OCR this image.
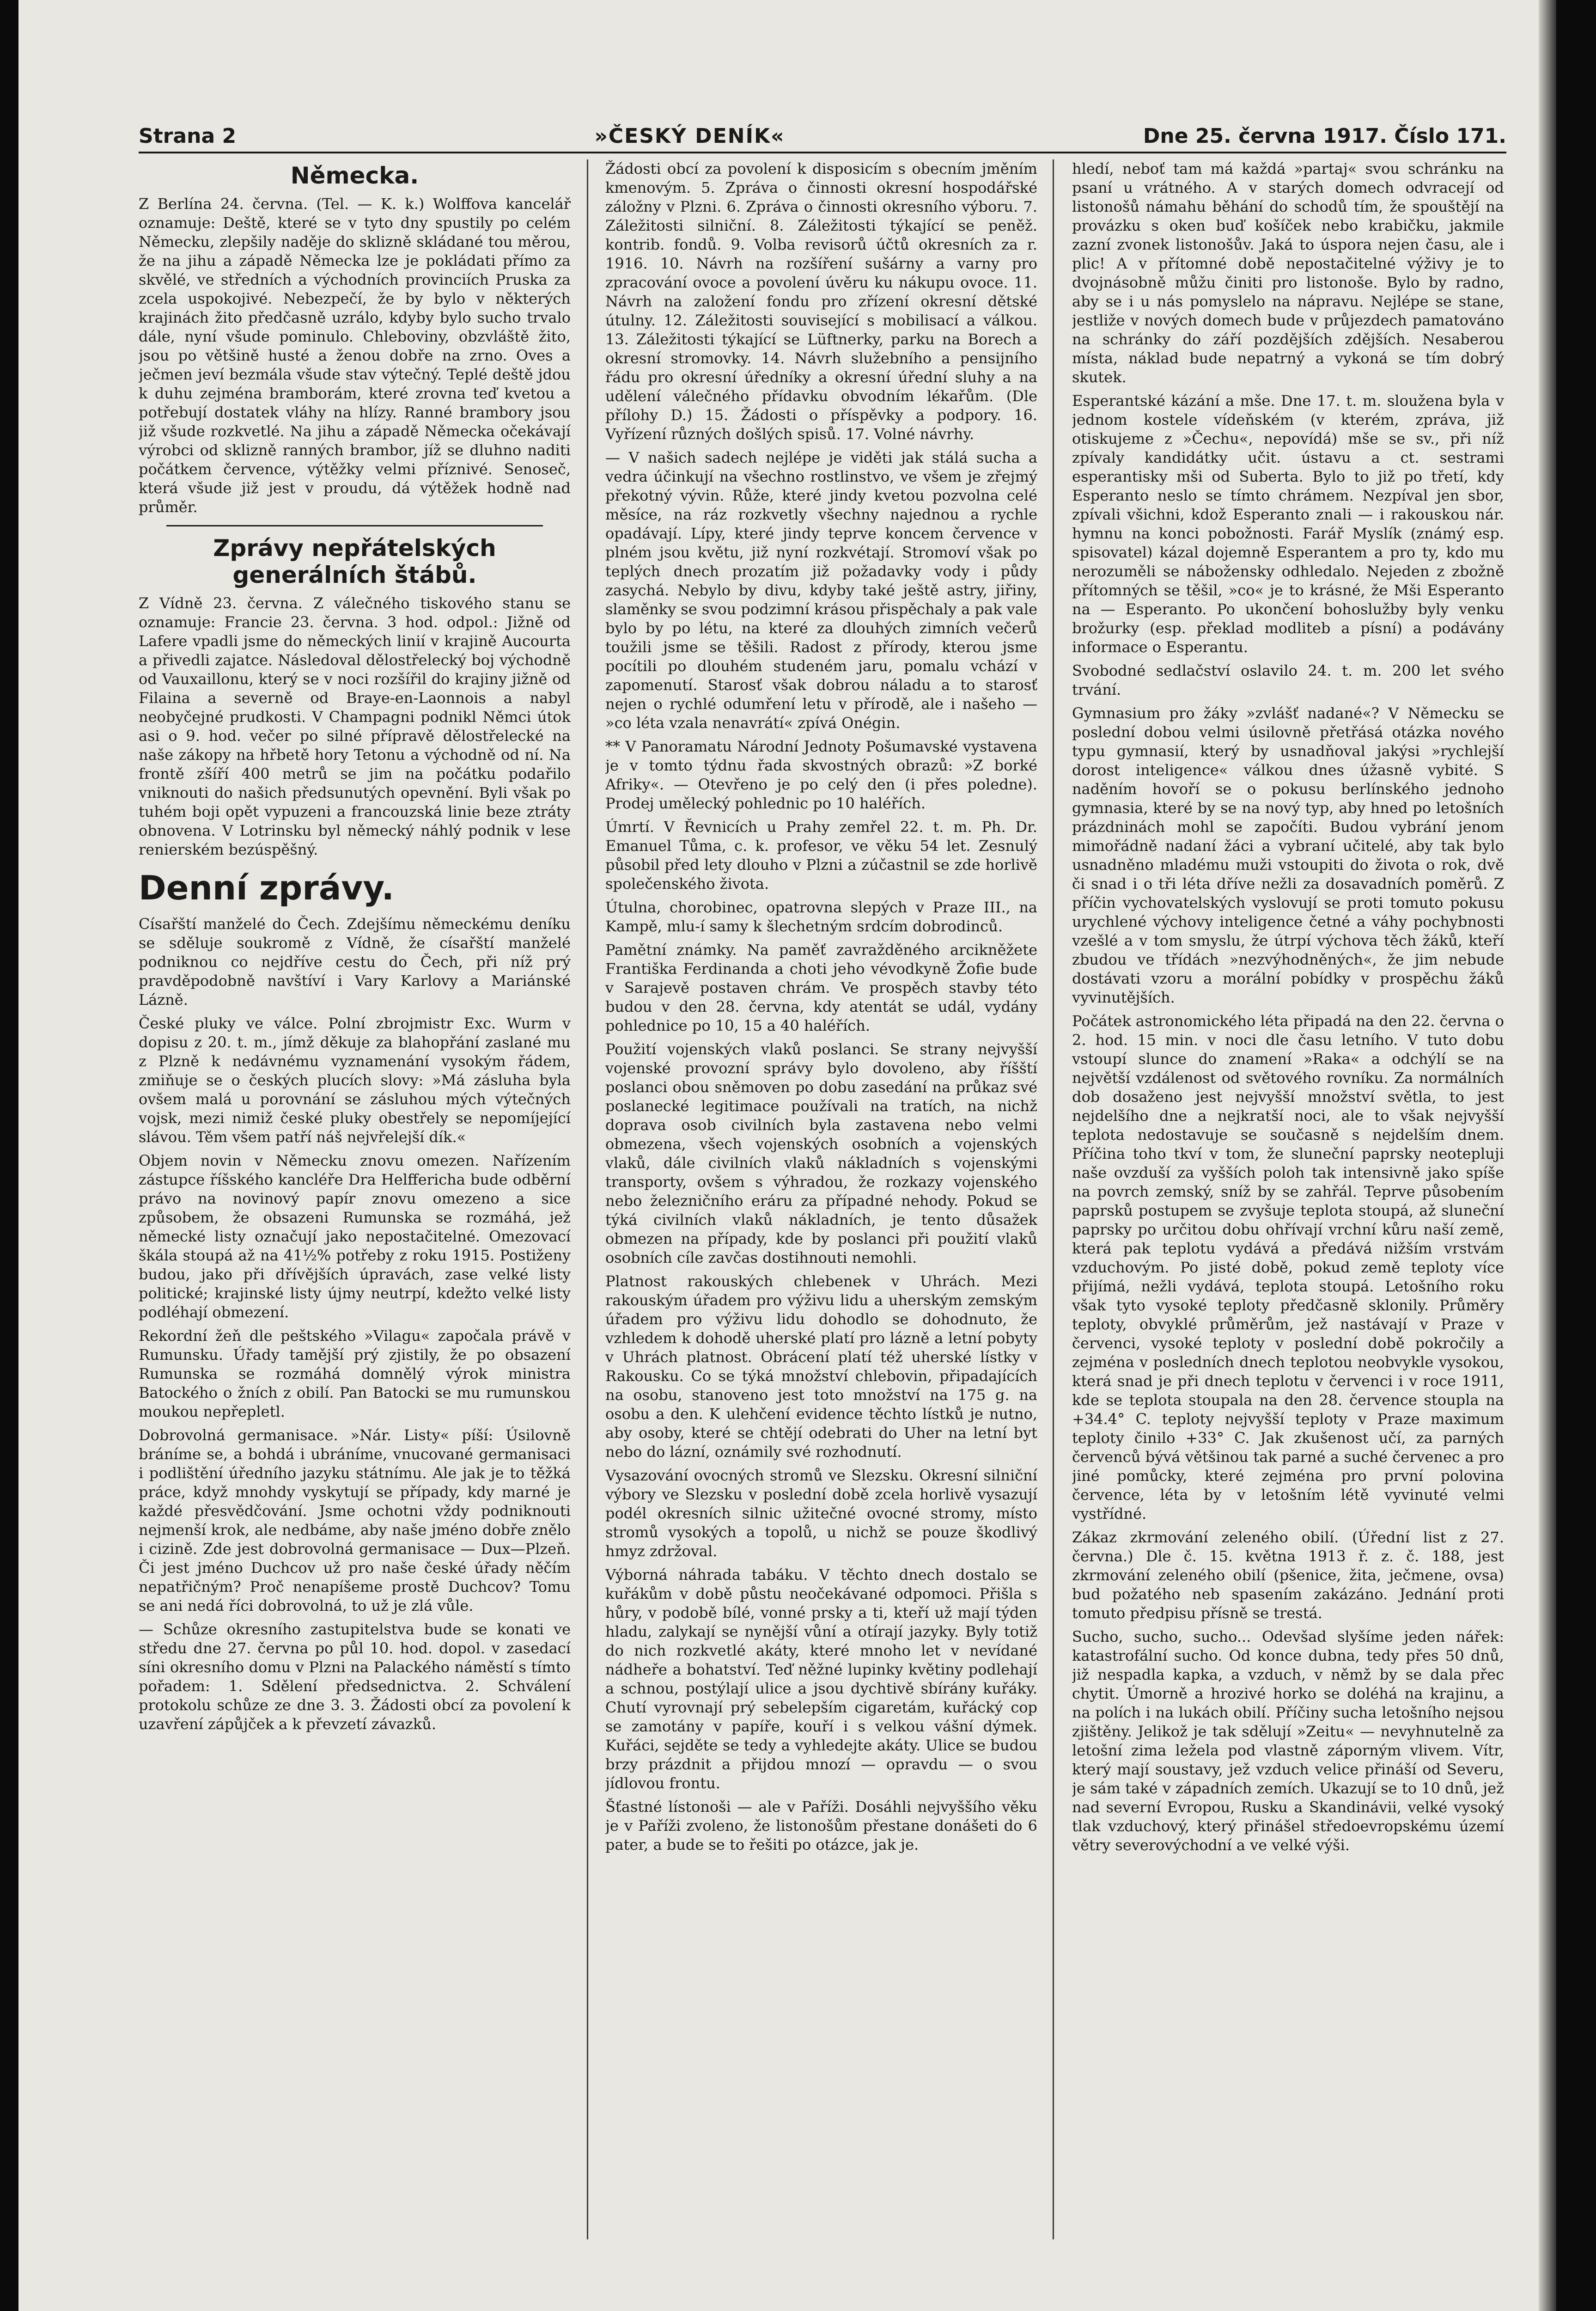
Strana 2	»ČESKÝ DENÍK«	Dne 25. června 1917. Číslo 171.
Německa.

Z Berlína 24. června. (Tel. — K. k.) Wolffova kancelář oznamuje: Deště, které se v tyto dny spustily po celém Německu, zlepšily naděje do sklizně skládané tou měrou, že na jihu a západě Německa lze je pokládati přímo za skvělé, ve středních a východních provinciích Pruska za zcela uspokojivé. Nebezpečí, že by bylo v některých krajinách žito předčasně uzrálo, kdyby bylo sucho trvalo dále, nyní všude pominulo. Chleboviny, obzvláště žito, jsou po většině husté a ženou dobře na zrno. Oves a ječmen jeví bezmála všude stav výtečný. Teplé deště jdou k duhu zejména bramborám, které zrovna teď kvetou a potřebují dostatek vláhy na hlízy. Ranné brambory jsou již všude rozkvetlé. Na jihu a západě Německa očekávají výrobci od sklizně ranných brambor, jíž se dluhno naditi počátkem července, výtěžky velmi příznivé. Senoseč, která všude již jest v proudu, dá výtěžek hodně nad průměr.

Zprávy nepřátelských generálních štábů.

Z Vídně 23. června. Z válečného tiskového stanu se oznamuje: Francie 23. června. 3 hod. odpol.: Jižně od Lafere vpadli jsme do německých linií v krajině Aucourta a přivedli zajatce. Následoval dělostřelecký boj východně od Vauxaillonu, který se v noci rozšířil do krajiny jižně od Filaina a severně od Braye-en-Laonnois a nabyl neobyčejné prudkosti. V Champagni podnikl Němci útok asi o 9. hod. večer po silné přípravě dělostřelecké na naše zákopy na hřbetě hory Tetonu a východně od ní. Na frontě zšíří 400 metrů se jim na počátku podařilo vniknouti do našich předsunutých opevnění. Byli však po tuhém boji opět vypuzeni a francouzská linie beze ztráty obnovena. V Lotrinsku byl německý náhlý podnik v lese renierském bezúspěšný.

Denní zprávy.

Císařští manželé do Čech. Zdejšímu německému deníku se sděluje soukromě z Vídně, že císařští manželé podniknou co nejdříve cestu do Čech, při níž prý pravděpodobně navštíví i Vary Karlovy a Mariánské Lázně.

České pluky ve válce. Polní zbrojmistr Exc. Wurm v dopisu z 20. t. m., jímž děkuje za blahopřání zaslané mu z Plzně k nedávnému vyznamenání vysokým řádem, zmiňuje se o českých plucích slovy: »Má zásluha byla ovšem malá u porovnání se zásluhou mých výtečných vojsk, mezi nimiž české pluky obestřely se nepomíjející slávou. Těm všem patří náš nejvřelejší dík.«

Objem novin v Německu znovu omezen. Nařízením zástupce říšského kancléře Dra Helfferichа bude odběrní právo na novinový papír znovu omezeno a sice způsobem, že obsazeni Rumunska se rozmáhá, jež německé listy označují jako nepostačitelné. Omezovací škála stoupá až na 41½% potřeby z roku 1915. Postiženy budou, jako při dřívějších úpravách, zase velké listy politické; krajinské listy újmy neutrpí, kdežto velké listy podléhají obmezení.

Rekordní žeň dle peštského »Vilagu« započala právě v Rumunsku. Úřady tamější prý zjistily, že po obsazení Rumunska se rozmáhá domnělý výrok ministra Batockého o žních z obilí. Pan Batocki se mu rumunskou moukou nepřepletl.

Dobrovolná germanisace. »Nár. Listy« píší: Úsilovně bráníme se, a bohdá i ubráníme, vnucované germanisaci i podlištění úředního jazyku státnímu. Ale jak je to těžká práce, když mnohdy vyskytují se případy, kdy marné je každé přesvědčování. Jsme ochotni vždy podniknouti nejmenší krok, ale nedbáme, aby naše jméno dobře znělo i cizině. Zde jest dobrovolná germanisace — Dux—Plzeň. Či jest jméno Duchcov už pro naše české úřady něčím nepatřičným? Proč nenapíšeme prostě Duchcov? Tomu se ani nedá říci dobrovolná, to už je zlá vůle.

— Schůze okresního zastupitelstva bude se konati ve středu dne 27. června po půl 10. hod. dopol. v zasedací síni okresního domu v Plzni na Palackého náměstí s tímto pořadem: 1. Sdělení předsednictva. 2. Schválení protokolu schůze ze dne 3. 3. Žádosti obcí za povolení k uzavření zápůjček a k převzetí závazků.

Žádosti obcí za povolení k disposicím s obecním jměním kmenovým. 5. Zpráva o činnosti okresní hospodářské záložny v Plzni. 6. Zpráva o činnosti okresního výboru. 7. Záležitosti silniční. 8. Záležitosti týkající se peněž. kontrib. fondů. 9. Volba revisorů účtů okresních za r. 1916. 10. Návrh na rozšíření sušárny a varny pro zpracování ovoce a povolení úvěru ku nákupu ovoce. 11. Návrh na založení fondu pro zřízení okresní dětské útulny. 12. Záležitosti související s mobilisací a válkou. 13. Záležitosti týkající se Lüftnerky, parku na Borech a okresní stromovky. 14. Návrh služebního a pensijního řádu pro okresní úředníky a okresní úřední sluhy a na udělení válečného přídavku obvodním lékařům. (Dle přílohy D.) 15. Žádosti o příspěvky a podpory. 16. Vyřízení různých došlých spisů. 17. Volné návrhy.

— V našich sadech nejlépe je viděti jak stálá sucha a vedra účinkují na všechno rostlinstvo, ve všem je zřejmý překotný vývin. Růže, které jindy kvetou pozvolna celé měsíce, na ráz rozkvetly všechny najednou a rychle opadávají. Lípy, které jindy teprve koncem července v plném jsou květu, již nyní rozkvétají. Stromoví však po teplých dnech prozatím již požadavky vody i půdy zasychá. Nebylo by divu, kdyby také ještě astry, jiřiny, slaměnky se svou podzimní krásou přispěchaly a pak vale bylo by po létu, na které za dlouhých zimních večerů toužili jsme se těšili. Radost z přírody, kterou jsme pocítili po dlouhém studeném jaru, pomalu vchází v zapomenutí. Starosť však dobrou náladu a to starosť nejen o rychlé odumření letu v přírodě, ale i našeho — »co léta vzala nenavrátí« zpívá Onégin.

** V Panoramatu Národní Jednoty Pošumavské vystavena je v tomto týdnu řada skvostných obrazů: »Z borké Afriky«. — Otevřeno je po celý den (i přes poledne). Prodej umělecký pohlednic po 10 haléřích.

Úmrtí. V Řevnicích u Prahy zemřel 22. t. m. Ph. Dr. Emanuel Tůma, c. k. profesor, ve věku 54 let. Zesnulý působil před lety dlouho v Plzni a zúčastnil se zde horlivě společenského života.

Útulna, chorobinec, opatrovna slepých v Praze III., na Kampě, mlu-í samy k šlechetným srdcím dobrodinců.

Pamětní známky. Na paměť zavražděného arcikněžete Františka Ferdinanda a choti jeho vévodkyně Žofie bude v Sarajevě postaven chrám. Ve prospěch stavby této budou v den 28. června, kdy atentát se udál, vydány pohlednice po 10, 15 a 40 haléřích.

Použití vojenských vlaků poslanci. Se strany nejvyšší vojenské provozní správy bylo dovoleno, aby říšští poslanci obou sněmoven po dobu zasedání na průkaz své poslanecké legitimace používali na tratích, na nichž doprava osob civilních byla zastavena nebo velmi obmezena, všech vojenských osobních a vojenských vlaků, dále civilních vlaků nákladních s vojenskými transporty, ovšem s výhradou, že rozkazy vojenského nebo železničního eráru za případné nehody. Pokud se týká civilních vlaků nákladních, je tento důsažek obmezen na případy, kde by poslanci při použití vlaků osobních cíle zavčas dostihnouti nemohli.

Platnost rakouských chlebenek v Uhrách. Mezi rakouským úřadem pro výživu lidu a uherským zemským úřadem pro výživu lidu dohodlo se dohodnuto, že vzhledem k dohodě uherské platí pro lázně a letní pobyty v Uhrách platnost. Obrácení platí též uherské lístky v Rakousku. Co se týká množství chlebovin, připadajících na osobu, stanoveno jest toto množství na 175 g. na osobu a den. K ulehčení evidence těchto lístků je nutno, aby osoby, které se chtějí odebrati do Uher na letní byt nebo do lázní, oznámily své rozhodnutí.

Vysazování ovocných stromů ve Slezsku. Okresní silniční výbory ve Slezsku v poslední době zcela horlivě vysazují podél okresních silnic užitečné ovocné stromy, místo stromů vysokých a topolů, u nichž se pouze škodlivý hmyz zdržoval.

Výborná náhrada tabáku. V těchto dnech dostalo se kuřákům v době půstu neočekávané odpomoci. Přišla s hůry, v podobě bílé, vonné prsky a ti, kteří už mají týden hladu, zalykají se nynější vůní a otírají jazyky. Byly totiž do nich rozkvetlé akáty, které mnoho let v nevídané nádheře a bohatství. Teď něžné lupinky květiny podlehají a schnou, postýlají ulice a jsou dychtivě sbírány kuřáky. Chutí vyrovnají prý sebelepším cigaretám, kuřácký cop se zamotány v papíře, kouří i s velkou vášní dýmek. Kuřáci, sejděte se tedy a vyhledejte akáty. Ulice se budou brzy prázdnit a přijdou mnozí — opravdu — o svou jídlovou frontu.

Šťastné lístonoši — ale v Paříži. Dosáhli nejvyššího věku je v Paříži zvoleno, že listonošům přestane donášeti do 6 pater, a bude se to řešiti po otázce, jak je.

hledí, neboť tam má každá »partaj« svou schránku na psaní u vrátného. A v starých domech odvracejí od listonošů námahu běhání do schodů tím, že spouštějí na provázku s oken buď košíček nebo krabičku, jakmile zazní zvonek listonošův. Jaká to úspora nejen času, ale i plic! A v přítomné době nepostačitelné výživy je to dvojnásobně můžu činiti pro listonoše. Bylo by radno, aby se i u nás pomyslelo na nápravu. Nejlépe se stane, jestliže v nových domech bude v průjezdech pamatováno na schránky do září pozdějších zdějších. Nesaberou místa, náklad bude nepatrný a vykoná se tím dobrý skutek.

Esperantské kázání a mše. Dne 17. t. m. sloužena byla v jednom kostele vídeňském (v kterém, zpráva, již otiskujeme z »Čechu«, nepovídá) mše se sv., při níž zpívaly kandidátky učit. ústavu a ct. sestrami esperantisky mši od Suberta. Bylo to již po třetí, kdy Esperanto neslo se tímto chrámem. Nezpíval jen sbor, zpívali všichni, kdož Esperanto znali — i rakouskou nár. hymnu na konci pobožnosti. Farář Myslík (známý esp. spisovatel) kázal dojemně Esperantem a pro ty, kdo mu nerozuměli se nábožensky odhledalo. Nejeden z zbožně přítomných se těšil, »co« je to krásné, že Mši Esperanto na — Esperanto. Po ukončení bohoslužby byly venku brožurky (esp. překlad modliteb a písní) a podávány informace o Esperantu.

Svobodné sedlačství oslavilo 24. t. m. 200 let svého trvání.

Gymnasium pro žáky »zvlášť nadané«? V Německu se poslední dobou velmi úsilovně přetřásá otázka nového typu gymnasií, který by usnadňoval jakýsi »rychlejší dorost inteligence« válkou dnes úžasně vybité. S naděním hovoří se o pokusu berlínského jednoho gymnasia, které by se na nový typ, aby hned po letošních prázdninách mohl se započíti. Budou vybrání jenom mimořádně nadaní žáci a vybraní učitelé, aby tak bylo usnadněno mladému muži vstoupiti do života o rok, dvě či snad i o tři léta dříve nežli za dosavadních poměrů. Z příčin vychovatelských vyslovují se proti tomuto pokusu urychlené výchovy inteligence četné a váhy pochybnosti vzešlé a v tom smyslu, že útrpí výchova těch žáků, kteří zbudou ve třídách »nezvýhodněných«, že jim nebude dostávati vzoru a morální pobídky v prospěchu žáků vyvinutějších.

Počátek astronomického léta připadá na den 22. června o 2. hod. 15 min. v noci dle času letního. V tuto dobu vstoupí slunce do znamení »Raka« a odchýlí se na největší vzdálenost od světového rovníku. Za normálních dob dosaženo jest nejvyšší množství světla, to jest nejdelšího dne a nejkratší noci, ale to však nejvyšší teplota nedostavuje se současně s nejdelším dnem. Příčina toho tkví v tom, že sluneční paprsky neotepluji naše ovzduší za vyšších poloh tak intensivně jako spíše na povrch zemský, sníž by se zahřál. Teprve působením paprsků postupem se zvyšuje teplota stoupá, až sluneční paprsky po určitou dobu ohřívají vrchní kůru naší země, která pak teplotu vydává a předává nižším vrstvám vzduchovým. Po jisté době, pokud země teploty více přijímá, nežli vydává, teplota stoupá. Letošního roku však tyto vysoké teploty předčasně sklonily. Průměry teploty, obvyklé průměrům, jež nastávají v Praze v červenci, vysoké teploty v poslední době pokročily a zejména v posledních dnech teplotou neobvykle vysokou, která snad je při dnech teplotu v červenci i v roce 1911, kde se teplota stoupala na den 28. července stoupla na +34.4° C. teploty nejvyšší teploty v Praze maximum teploty činilo +33° C. Jak zkušenost učí, za parných červenců bývá většinou tak parné a suché červenec a pro jiné pomůcky, které zejména pro první polovina července, léta by v letošním létě vyvinuté velmi vystřídné.

Zákaz zkrmování zeleného obilí. (Úřední list z 27. června.) Dle č. 15. května 1913 ř. z. č. 188, jest zkrmování zeleného obilí (pšenice, žita, ječmene, ovsa) bud požatého neb spasením zakázáno. Jednání proti tomuto předpisu přísně se trestá.

Sucho, sucho, sucho... Odevšad slyšíme jeden nářek: katastrofální sucho. Od konce dubna, tedy přes 50 dnů, již nespadla kapka, a vzduch, v němž by se dala přec chytit. Úmorně a hrozivé horko se doléhá na krajinu, a na polích i na lukách obilí. Příčiny sucha letošního nejsou zjištěny. Jelikož je tak sdělují »Zeitu« — nevyhnutelně za letošní zima ležela pod vlastně záporným vlivem. Vítr, který mají soustavy, jež vzduch velice přináší od Severu, je sám také v západních zemích. Ukazují se to 10 dnů, jež nad severní Evropou, Rusku a Skandinávii, velké vysoký tlak vzduchový, který přinášel středoevropskému území větry severovýchodní a ve velké výši.
